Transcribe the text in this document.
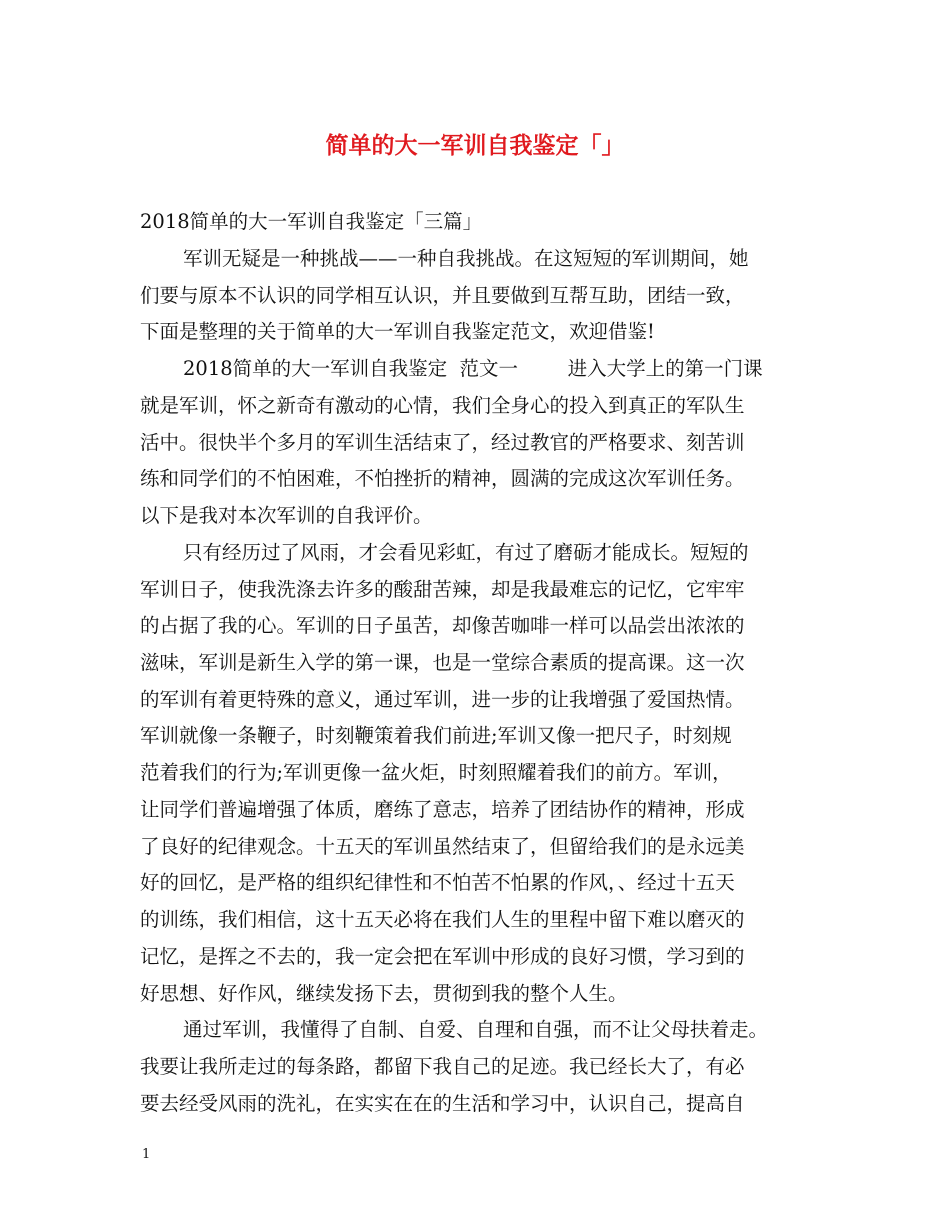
简单的大一军训自我鉴定「」

2018简单的大一军训自我鉴定「三篇」

军训无疑是一种挑战——一种自我挑战。在这短短的军训期间，她

们要与原本不认识的同学相互认识，并且要做到互帮互助，团结一致，

下面是整理的关于简单的大一军训自我鉴定范文，欢迎借鉴!

2018简单的大一军训自我鉴定  范文一        进入大学上的第一门课

就是军训，怀之新奇有激动的心情，我们全身心的投入到真正的军队生

活中。很快半个多月的军训生活结束了，经过教官的严格要求、刻苦训

练和同学们的不怕困难，不怕挫折的精神，圆满的完成这次军训任务。

以下是我对本次军训的自我评价。

只有经历过了风雨，才会看见彩虹，有过了磨砺才能成长。短短的

军训日子，使我洗涤去许多的酸甜苦辣，却是我最难忘的记忆，它牢牢

的占据了我的心。军训的日子虽苦，却像苦咖啡一样可以品尝出浓浓的

滋味，军训是新生入学的第一课，也是一堂综合素质的提高课。这一次

的军训有着更特殊的意义，通过军训，进一步的让我增强了爱国热情。

军训就像一条鞭子，时刻鞭策着我们前进;军训又像一把尺子，时刻规

范着我们的行为;军训更像一盆火炬，时刻照耀着我们的前方。军训，

让同学们普遍增强了体质，磨练了意志，培养了团结协作的精神，形成

了良好的纪律观念。十五天的军训虽然结束了，但留给我们的是永远美

好的回忆，是严格的组织纪律性和不怕苦不怕累的作风，、经过十五天

的训练，我们相信，这十五天必将在我们人生的里程中留下难以磨灭的

记忆，是挥之不去的，我一定会把在军训中形成的良好习惯，学习到的

好思想、好作风，继续发扬下去，贯彻到我的整个人生。

通过军训，我懂得了自制、自爱、自理和自强，而不让父母扶着走。

我要让我所走过的每条路，都留下我自己的足迹。我已经长大了，有必

要去经受风雨的洗礼，在实实在在的生活和学习中，认识自己，提高自

1
